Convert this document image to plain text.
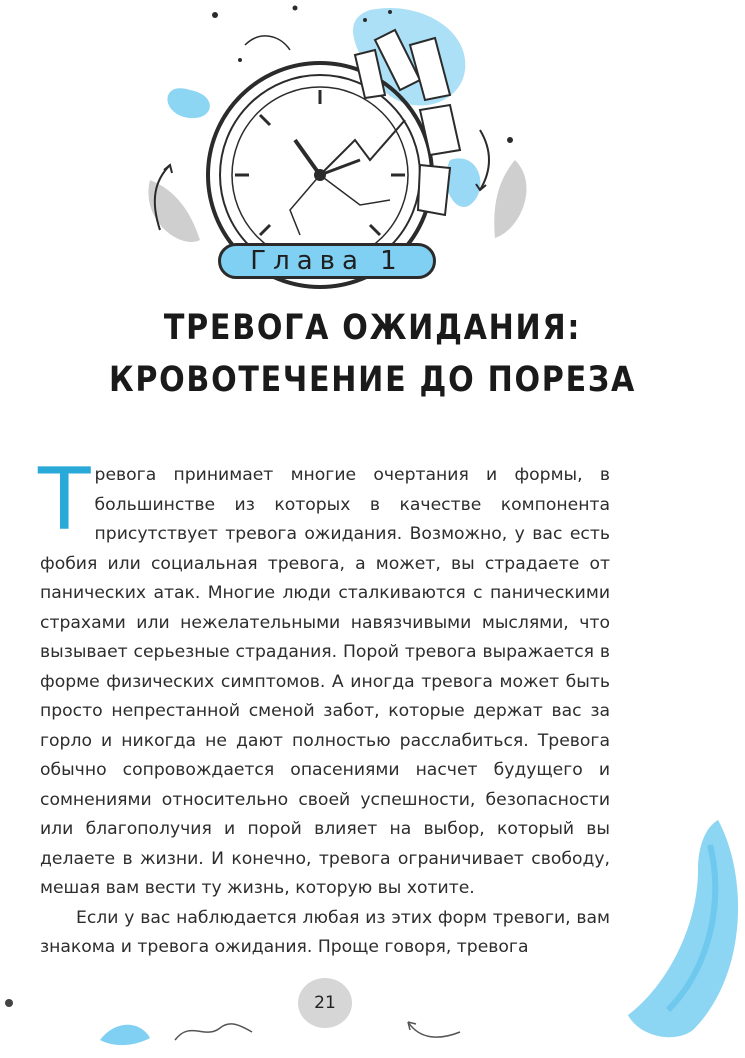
Глава 1
ТРЕВОГА ОЖИДАНИЯ:
КРОВОТЕЧЕНИЕ ДО ПОРЕЗА

Тревога принимает многие очертания и формы, в большинстве из которых в качестве компонента присутствует тревога ожидания. Возможно, у вас есть фобия или социальная тревога, а может, вы страдаете от панических атак. Многие люди сталкиваются с паническими страхами или нежелательными навязчивыми мыслями, что вызывает серьезные страдания. Порой тревога выражается в форме физических симптомов. А иногда тревога может быть просто непрестанной сменой забот, которые держат вас за горло и никогда не дают полностью расслабиться. Тревога обычно сопровождается опасениями насчет будущего и сомнениями относительно своей успешности, безопасности или благополучия и порой влияет на выбор, который вы делаете в жизни. И конечно, тревога ограничивает свободу, мешая вам вести ту жизнь, которую вы хотите.

Если у вас наблюдается любая из этих форм тревоги, вам знакома и тревога ожидания. Проще говоря, тревога

21
